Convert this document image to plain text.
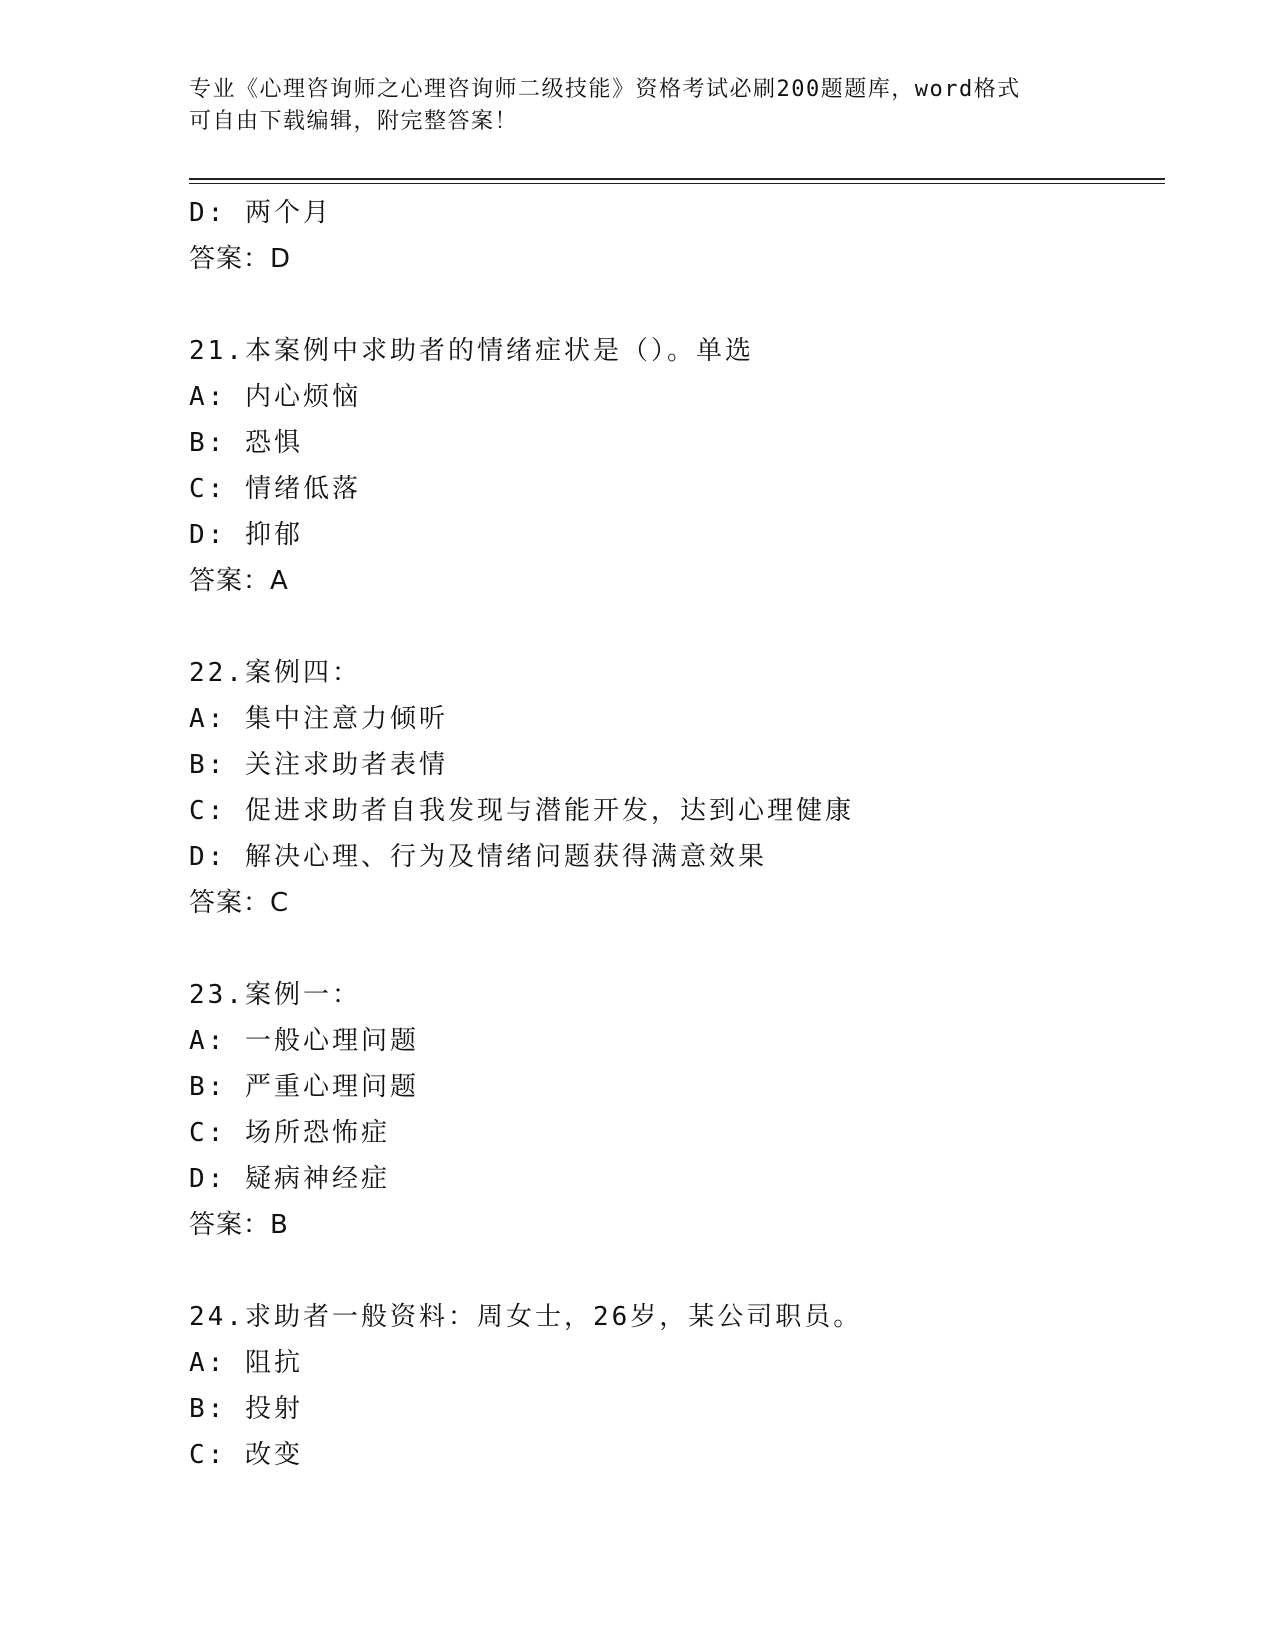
专业《心理咨询师之心理咨询师二级技能》资格考试必刷200题题库，word格式
可自由下载编辑，附完整答案！
D: 两个月
答案：D
21.本案例中求助者的情绪症状是（）。单选
A: 内心烦恼
B: 恐惧
C: 情绪低落
D: 抑郁
答案：A
22.案例四：
A: 集中注意力倾听
B: 关注求助者表情
C: 促进求助者自我发现与潜能开发，达到心理健康
D: 解决心理、行为及情绪问题获得满意效果
答案：C
23.案例一：
A: 一般心理问题
B: 严重心理问题
C: 场所恐怖症
D: 疑病神经症
答案：B
24.求助者一般资料：周女士，26岁，某公司职员。
A: 阻抗
B: 投射
C: 改变
